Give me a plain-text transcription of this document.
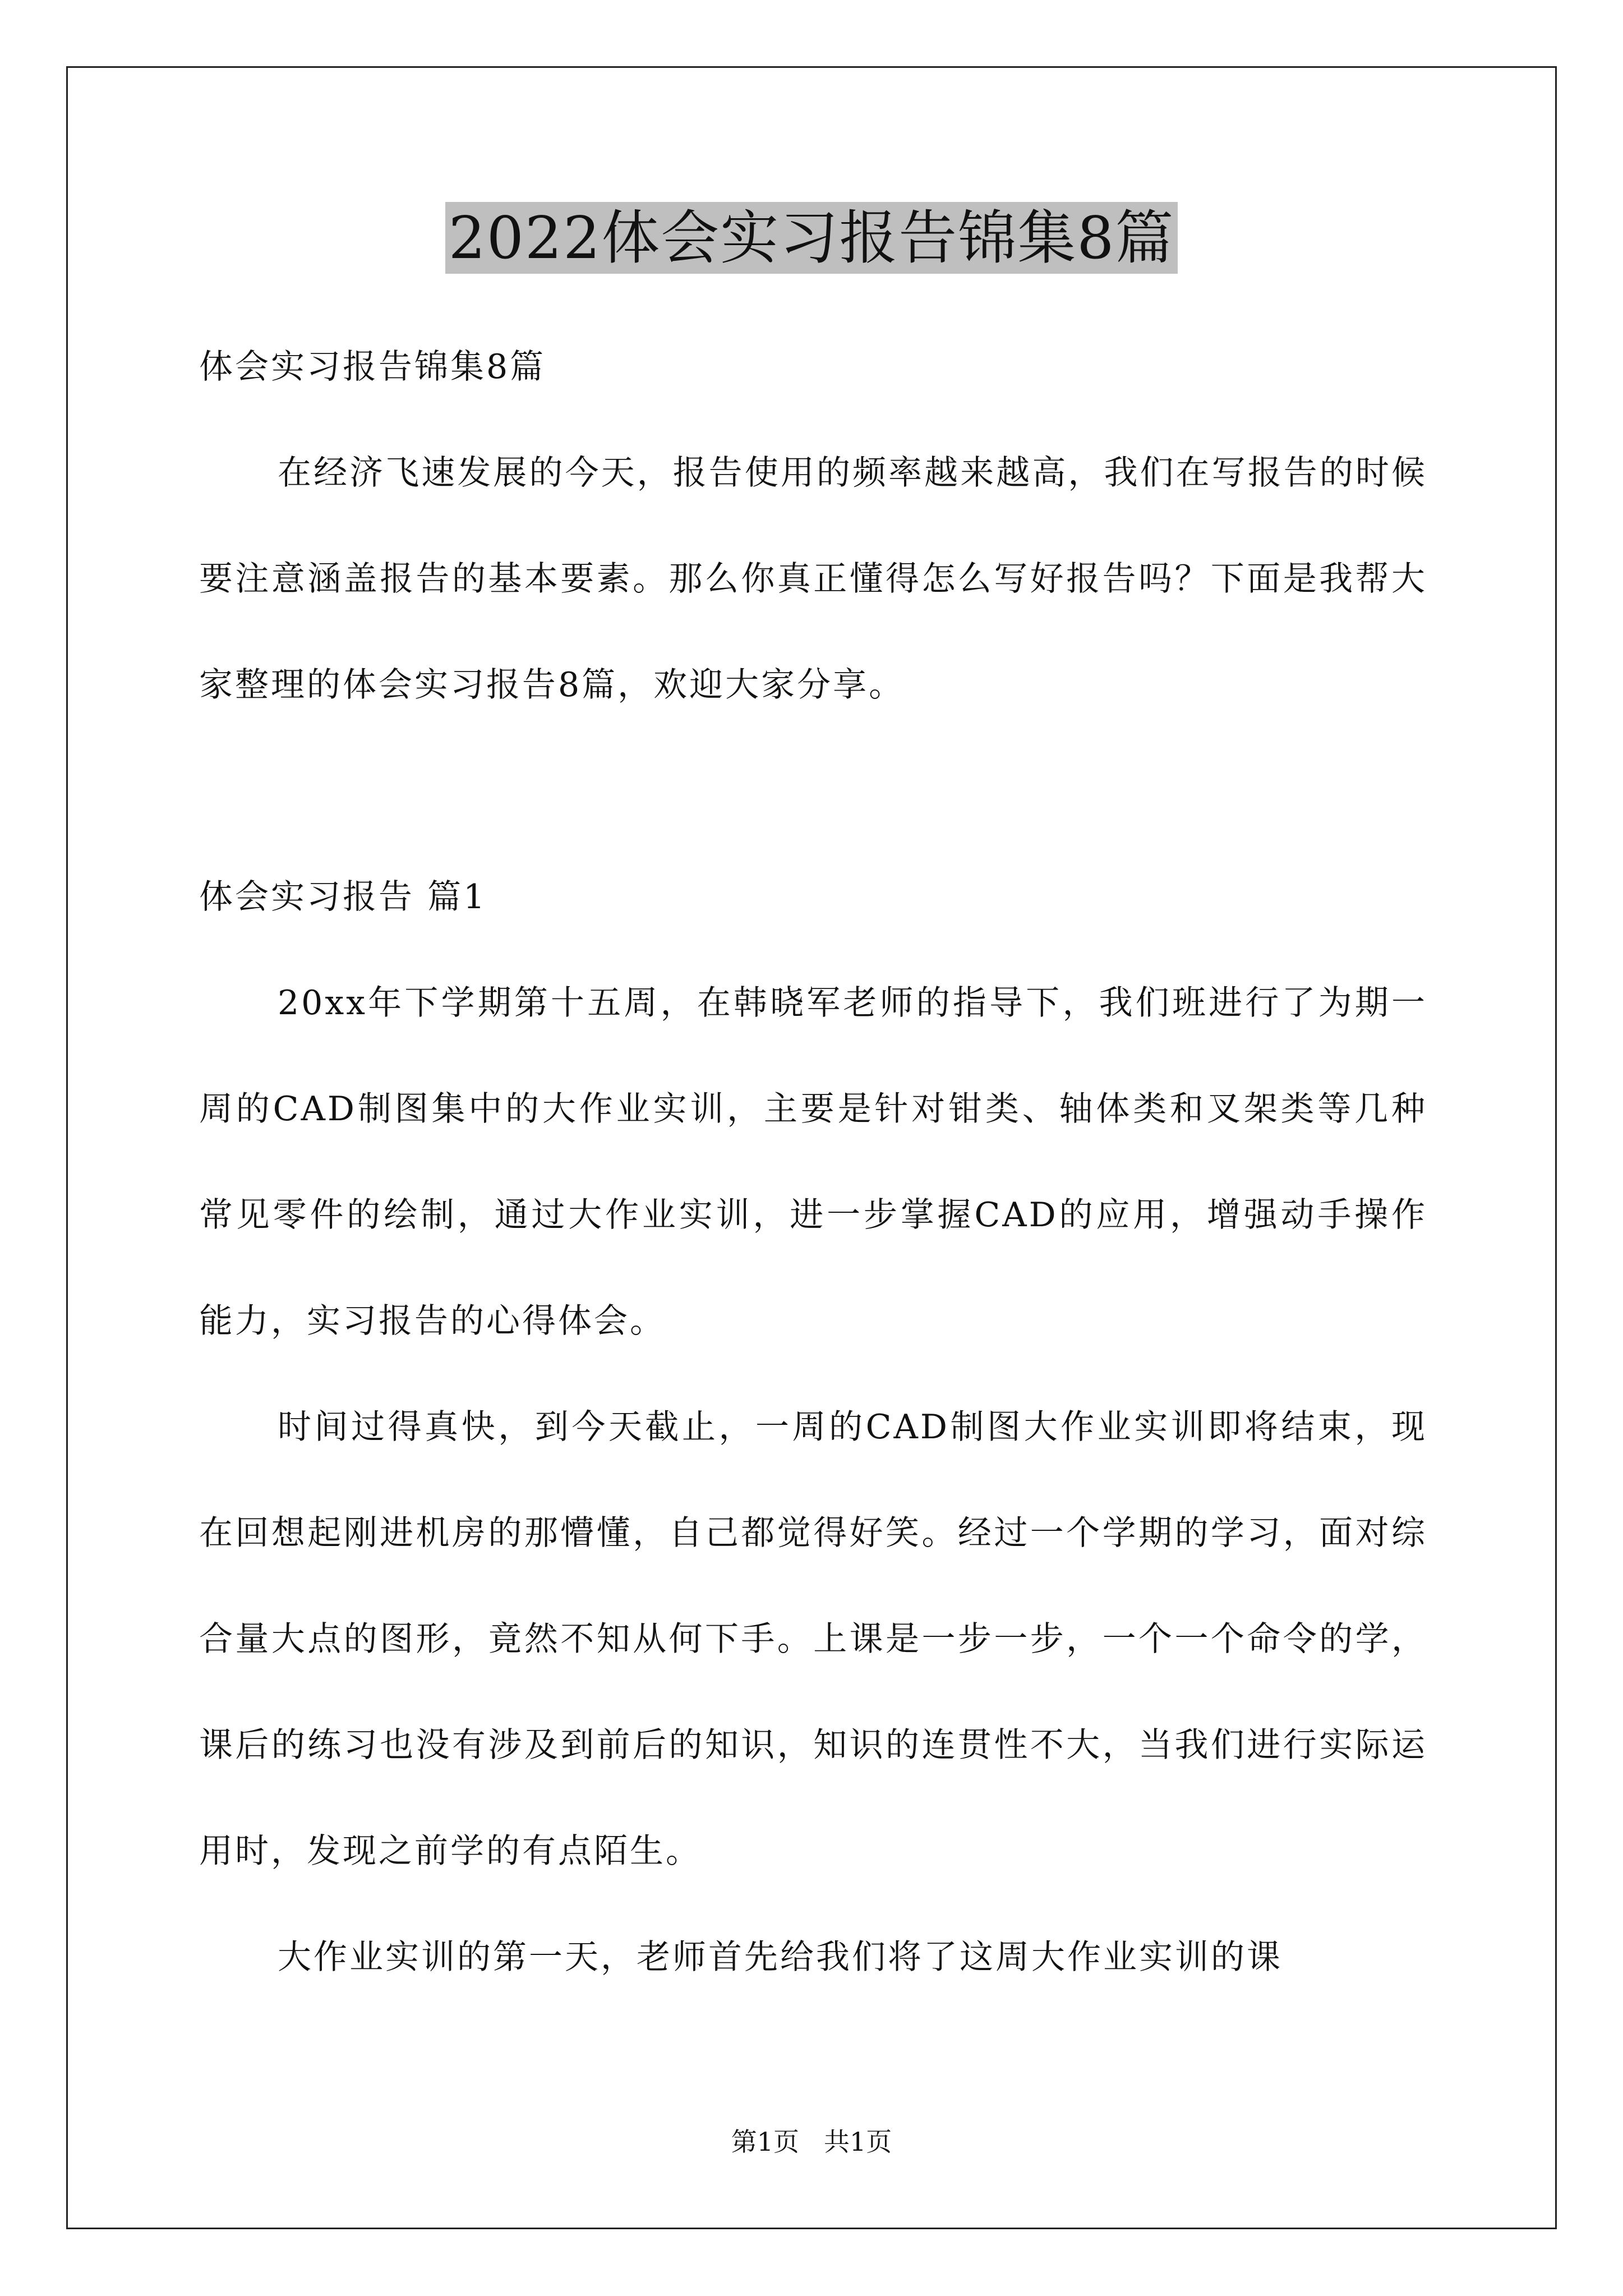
2022体会实习报告锦集8篇

体会实习报告锦集8篇

在经济飞速发展的今天，报告使用的频率越来越高，我们在写报告的时候要注意涵盖报告的基本要素。那么你真正懂得怎么写好报告吗？下面是我帮大家整理的体会实习报告8篇，欢迎大家分享。

体会实习报告 篇1

20xx年下学期第十五周，在韩晓军老师的指导下，我们班进行了为期一周的CAD制图集中的大作业实训，主要是针对钳类、轴体类和叉架类等几种常见零件的绘制，通过大作业实训，进一步掌握CAD的应用，增强动手操作能力，实习报告的心得体会。

时间过得真快，到今天截止，一周的CAD制图大作业实训即将结束，现在回想起刚进机房的那懵懂，自己都觉得好笑。经过一个学期的学习，面对综合量大点的图形，竟然不知从何下手。上课是一步一步，一个一个命令的学，课后的练习也没有涉及到前后的知识，知识的连贯性不大，当我们进行实际运用时，发现之前学的有点陌生。

大作业实训的第一天，老师首先给我们将了这周大作业实训的课

第1页 共1页
